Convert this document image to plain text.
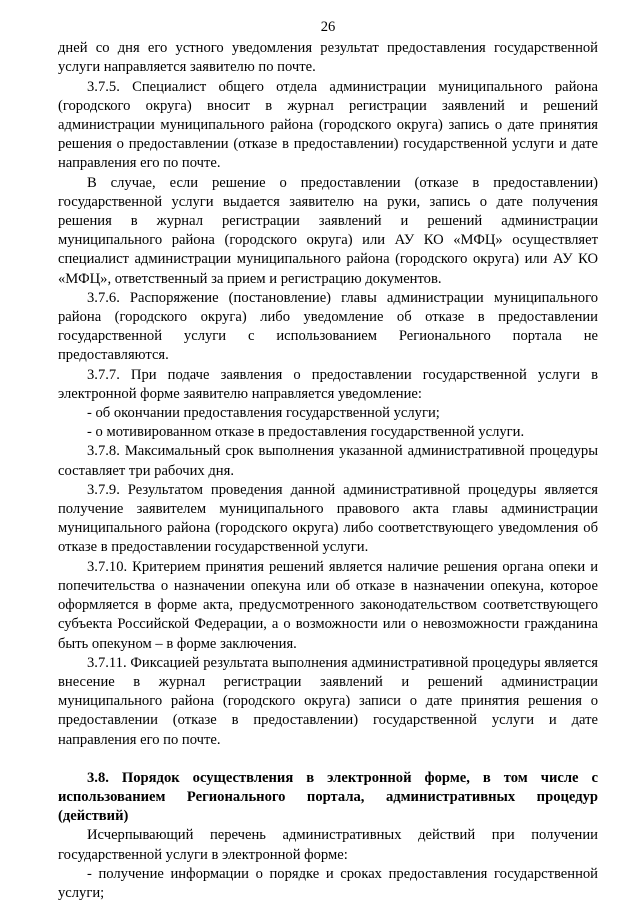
26

дней со дня его устного уведомления результат предоставления государственной услуги направляется заявителю по почте.

3.7.5. Специалист общего отдела администрации муниципального района (городского округа) вносит в журнал регистрации заявлений и решений администрации муниципального района (городского округа) запись о дате принятия решения о предоставлении (отказе в предоставлении) государственной услуги и дате направления его по почте.

В случае, если решение о предоставлении (отказе в предоставлении) государственной услуги выдается заявителю на руки, запись о дате получения решения в журнал регистрации заявлений и решений администрации муниципального района (городского округа) или АУ КО «МФЦ» осуществляет специалист администрации муниципального района (городского округа) или АУ КО «МФЦ», ответственный за прием и регистрацию документов.

3.7.6. Распоряжение (постановление) главы администрации муниципального района (городского округа) либо уведомление об отказе в предоставлении государственной услуги с использованием Регионального портала не предоставляются.

3.7.7. При подаче заявления о предоставлении государственной услуги в электронной форме заявителю направляется уведомление:

- об окончании предоставления государственной услуги;

- о мотивированном отказе в предоставления государственной услуги.

3.7.8. Максимальный срок выполнения указанной административной процедуры составляет три рабочих дня.

3.7.9. Результатом проведения данной административной процедуры является получение заявителем муниципального правового акта главы администрации муниципального района (городского округа) либо соответствующего уведомления об отказе в предоставлении государственной услуги.

3.7.10. Критерием принятия решений является наличие решения органа опеки и попечительства о назначении опекуна или об отказе в назначении опекуна, которое оформляется в форме акта, предусмотренного законодательством соответствующего субъекта Российской Федерации, а о возможности или о невозможности гражданина быть опекуном – в форме заключения.

3.7.11. Фиксацией результата выполнения административной процедуры является внесение в журнал регистрации заявлений и решений администрации муниципального района (городского округа) записи о дате принятия решения о предоставлении (отказе в предоставлении) государственной услуги и дате направления его по почте.

3.8. Порядок осуществления в электронной форме, в том числе с использованием Регионального портала, административных процедур (действий)

Исчерпывающий перечень административных действий при получении государственной услуги в электронной форме:

- получение информации о порядке и сроках предоставления государственной услуги;
